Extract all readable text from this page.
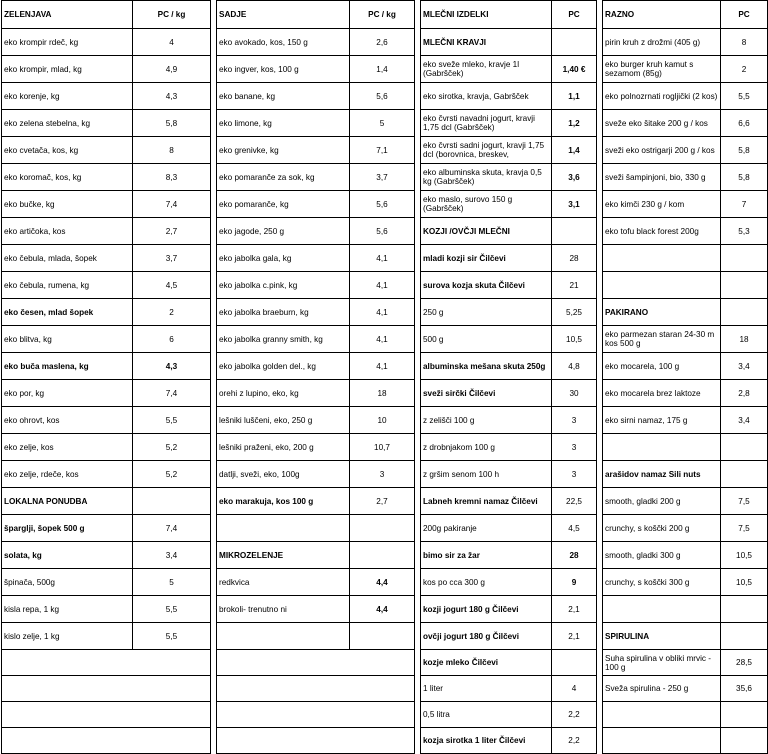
ZELENJAVA	PC / kg		SADJE	PC / kg		MLEČNI IZDELKI	PC		RAZNO	PC
eko krompir rdeč, kg	4		eko avokado, kos, 150 g	2,6		MLEČNI KRAVJI			pirin kruh z drožmi (405 g)	8
eko krompir, mlad, kg	4,9		eko ingver, kos, 100 g	1,4		eko sveže mleko, kravje 1l (Gabršček)	1,40 €		eko burger kruh kamut s sezamom (85g)	2
eko korenje, kg	4,3		eko banane, kg	5,6		eko sirotka, kravja, Gabršček	1,1		eko polnozrnati rogljički (2 kos)	5,5
eko zelena stebelna, kg	5,8		eko limone, kg	5		eko čvrsti navadni jogurt, kravji 1,75 dcl (Gabršček)	1,2		sveže eko šitake 200 g / kos	6,6
eko cvetača, kos, kg	8		eko grenivke, kg	7,1		eko čvrsti sadni jogurt, kravji 1,75 dcl (borovnica, breskev,	1,4		sveži eko ostrigarji 200 g / kos	5,8
eko koromač, kos, kg	8,3		eko pomaranče za sok, kg	3,7		eko albuminska skuta, kravja 0,5 kg (Gabršček)	3,6		sveži šampinjoni, bio, 330 g	5,8
eko bučke, kg	7,4		eko pomaranče, kg	5,6		eko maslo, surovo 150 g (Gabršček)	3,1		eko kimči 230 g / kom	7
eko artičoka, kos	2,7		eko jagode, 250 g	5,6		KOZJI /OVČJI MLEČNI			eko tofu black forest 200g	5,3
eko čebula, mlada, šopek	3,7		eko jabolka gala, kg	4,1		mladi kozji sir Čilčevi	28			
eko čebula, rumena, kg	4,5		eko jabolka c.pink, kg	4,1		surova kozja skuta Čilčevi	21			
eko česen, mlad šopek	2		eko jabolka braeburn, kg	4,1		250 g	5,25		PAKIRANO	
eko blitva, kg	6		eko jabolka granny smith, kg	4,1		500 g	10,5		eko parmezan staran 24-30 m kos 500 g	18
eko buča maslena, kg	4,3		eko jabolka golden del., kg	4,1		albuminska mešana skuta 250g	4,8		eko mocarela, 100 g	3,4
eko por, kg	7,4		orehi z lupino, eko, kg	18		sveži sirčki Čilčevi	30		eko mocarela brez laktoze	2,8
eko ohrovt, kos	5,5		lešniki luščeni, eko, 250 g	10		z zelišči 100 g	3		eko sirni namaz, 175 g	3,4
eko zelje, kos	5,2		lešniki praženi, eko, 200 g	10,7		z drobnjakom 100 g	3			
eko zelje, rdeče, kos	5,2		datlji, sveži, eko, 100g	3		z gršim senom 100 h	3		arašidov namaz Sili nuts	
LOKALNA PONUDBA			eko marakuja, kos 100 g	2,7		Labneh kremni namaz Čilčevi	22,5		smooth, gladki 200 g	7,5
šparglji, šopek 500 g	7,4					200g pakiranje	4,5		crunchy, s koščki 200 g	7,5
solata, kg	3,4		MIKROZELENJE			bimo sir za žar	28		smooth, gladki 300 g	10,5
špinača, 500g	5		redkvica	4,4		kos po cca 300 g	9		crunchy, s koščki 300 g	10,5
kisla repa, 1 kg	5,5		brokoli- trenutno ni	4,4		kozji jogurt 180 g Čilčevi	2,1			
kislo zelje, 1 kg	5,5					ovčji jogurt 180 g Čilčevi	2,1		SPIRULINA	
						kozje mleko Čilčevi			Suha spirulina v obliki mrvic - 100 g	28,5
						1 liter	4		Sveža spirulina - 250 g	35,6
						0,5 litra	2,2			
						kozja sirotka 1 liter Čilčevi	2,2			
